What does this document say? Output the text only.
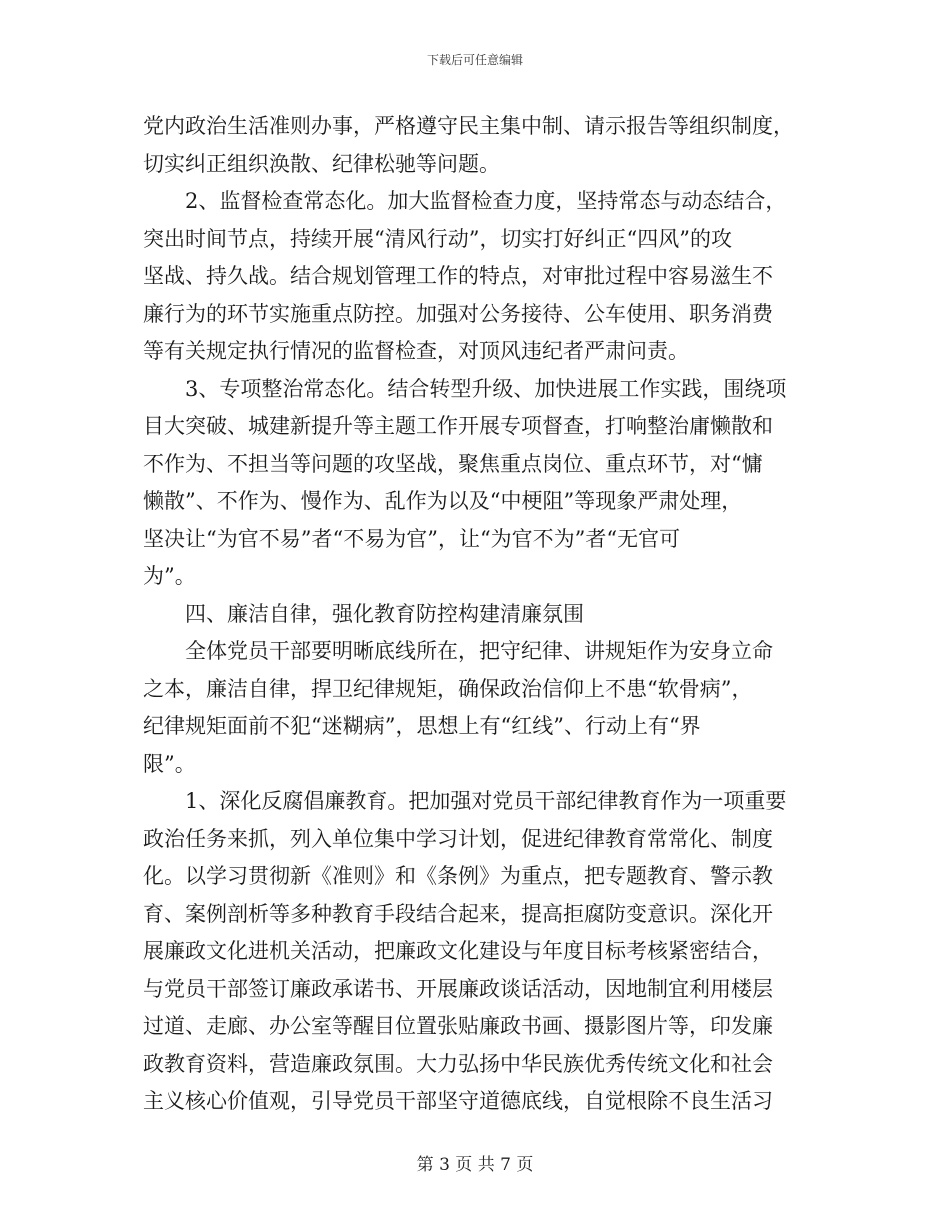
下载后可任意编辑
党内政治生活准则办事，严格遵守民主集中制、请示报告等组织制度，
切实纠正组织涣散、纪律松驰等问题。
2、监督检查常态化。加大监督检查力度，坚持常态与动态结合，
突出时间节点，持续开展“清风行动”，切实打好纠正“四风”的攻
坚战、持久战。结合规划管理工作的特点，对审批过程中容易滋生不
廉行为的环节实施重点防控。加强对公务接待、公车使用、职务消费
等有关规定执行情况的监督检查，对顶风违纪者严肃问责。
3、专项整治常态化。结合转型升级、加快进展工作实践，围绕项
目大突破、城建新提升等主题工作开展专项督查，打响整治庸懒散和
不作为、不担当等问题的攻坚战，聚焦重点岗位、重点环节，对“慵
懒散”、不作为、慢作为、乱作为以及“中梗阻”等现象严肃处理，
坚决让“为官不易”者“不易为官”，让“为官不为”者“无官可
为”。
四、廉洁自律，强化教育防控构建清廉氛围
全体党员干部要明晰底线所在，把守纪律、讲规矩作为安身立命
之本，廉洁自律，捍卫纪律规矩，确保政治信仰上不患“软骨病”，
纪律规矩面前不犯“迷糊病”，思想上有“红线”、行动上有“界
限”。
1、深化反腐倡廉教育。把加强对党员干部纪律教育作为一项重要
政治任务来抓，列入单位集中学习计划，促进纪律教育常常化、制度
化。以学习贯彻新《准则》和《条例》为重点，把专题教育、警示教
育、案例剖析等多种教育手段结合起来，提高拒腐防变意识。深化开
展廉政文化进机关活动，把廉政文化建设与年度目标考核紧密结合，
与党员干部签订廉政承诺书、开展廉政谈话活动，因地制宜利用楼层
过道、走廊、办公室等醒目位置张贴廉政书画、摄影图片等，印发廉
政教育资料，营造廉政氛围。大力弘扬中华民族优秀传统文化和社会
主义核心价值观，引导党员干部坚守道德底线，自觉根除不良生活习
第 3 页 共 7 页
